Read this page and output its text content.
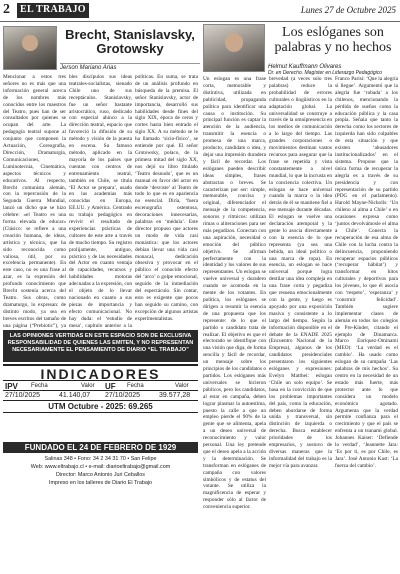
2	EL TRABAJO	Lunes 27 de Octubre 2025
Brecht, Stanislavsky, Grotowsky
Jerson Mariano Arias
Mencionar a estos tres señores no es más que una información general acerca de los nombres más conocidos entre los maestros del Teatro, pues han de ser consultados por quienes se ocupan del arte. La pedagogía teatral supone al conjunto que componen la Actuación, Coreografía, Dirección, Dramaturgia, Comunicaciones, Luminotecnia, Cinemática, aspectos técnicos y educativos. Al respecto, Brecht comunista alemán, con la repercusión de la Segunda Guerra Mundial, lanzó un dicho que se hizo célebre: «el Teatro es una forma elevada de educar» (Clásico: se refiere a una creación humana, de ideas, artística y técnica, que ha sido reconocida como valiosa, útil, por su excelencia permanente). En este caso, no es una frase al azar, es la expresión del profundo conocimiento que Brecht sostenía acerca del Teatro. Sus obras, como dramaturgo, lo expresan: de distinto modo, ya sea en breves escritos del tamaño de una página (“Prebiotic”), ya
bles discípulos sus ideas teatrales-socialistas, sienado Chile uno de sus receptáculos. Stanislavsky, fue un señor bastante aristocrático, ruso, dedicado con especial ahínco a la dirección teatral, espacio que favoreció la difusión de su método y visión de la puesta en escena. Su famoso método, aplicado en la mayoría de los países que cuentan con centros de entrenamiento teatral, también en Chile, se titula ‘El Actor se prepara’, usado en las academias más conocidas en Europa, EE.UU. y América. Centrado su trabajo pedagógico en revivir el resultado de experiencias prácticas de cultores de este arte a través de mucho tiempo. Su registro prolijamente, antiguo, práctico y de las necesidades del Actor en cuanto ventaja de capacidades, recursos y habilidades motoras adecuadas a la expresión, con el objeto de lo llevar nacionado en cuanto a sus piezas de importancia y efecto comunicacional. No hay duda: el ‘estudio de mesa’, capítulo anterior a la
políticas. En suma, se trata de un análisis profundo en búsqueda de la premisa. El señor Stanislavsky, actor de importancia, desarrolló sus habilidades desde fines del siglo XIX, época de ceros y cortes hasta bien entrado el siglo XX. A su método se le ha llamado ‘sicio-físico’, se entiende por qué. El señor Grotowsky, polaco, de la primera mitad del siglo XX, nos dejó su libro titulado ‘Teatro desnudo’, que es un manual en favor del actor en donde ‘desviste’ al Teatro de todo lo que es en apariencia no esencial. Diría, ‘fuera escenografía ostentosa, decoraciones innecesarias, palabras en ‘médula’. Este director propuso que actores un modo de vida casi monástica: que los actores debían llevar una vida casi monacal, dedicación obsesiva y provocar en el público el conocido efecto del ‘arco’ o golpe emocional, seguido de la inmediación del espectáculo. Sin contar, esto es exigente que pocos han seguido su camino, con excepción de algunos artistas experimentalistas.
Los eslóganes son palabras y no hechos
Helmut Kauffmann Olivares
Dr. en Derecho. Magíster en Liderazgo Pedagógico
Un eslogan es una frase corta, memorable y distintiva, utilizada en publicidad, propaganda política para identificar una causa o institución. Su principal función es captar la atención de la audiencia, transmitir la esencia o promesa de una marca, producto, candidato o idea, y dejar una impresión duradera y fácil de recordar. Los eslóganes pueden describir ideas simples, frases abstractas o breves. Se caracterizan por ser: simple, memorable, concisa y original, diferenciador el mensaje de la competencia, sonoros y rítmicos: utilizan rimas o aliteraciones para ser más pegadizos. Conectan con una aspiración, necesidad o emoción del público objetivo. Se afirman perfectamente con la identidad y los valores de sus representantes. Un eslogan se vuelve universal y duradero cuando se acomoda en la mente de los votantes. En política, los eslóganes se dirigen a resumir la esencia de una propuesta que los represente: de lo que el partido o candidato trata de realizar. El objetivo es que el electorado se identifique con una visión que diga, de forma sencilla y fácil de recordar, un mensaje sobre los principios de los candidatos o partidos. Los eslóganes más universales se hicieron públicos, pero los candidatos, al estar en campaña, deben lograr plasmar la autoestima, puesto la calle a que un empleo pierde el 90% de la gente que se alimenta, apela a un deseo universal de reconocimiento y valor personal. Una ley pretende que el deseo apela a la acción y la determinación. Se transforman en eslóganes de campaña con valores simbólicos y de estatus del votante. Se utiliza la magnificencia de esperar y responder sólo al factor de conveniencia superior.
brevedad (a veces solo tres palabras) reduce la probabilidad de errores culturales o lingüísticos en la adaptación global. La universalidad se construye a través de la omnipresencia en los medios de comunicación a lo largo del tiempo. Las grandes corporaciones o movimientos destinan vastos recursos para asegurar que la frase se repetida y vista constantemente a nivel mundial, lo que la incrusta en la conciencia colectiva. Un eslogan se hace universal cuando la marca o la idea detrás de él se mantiene fiel a ese mensaje durante décadas. El eslogan se vuelve una declaración atemporal y la gente lo asocia directamente con la esencia de lo que representa (ya sea una bebida, un ideal político o una marca de ropa). En esencia, un eslogan se hace universal porque logra destilar una idea compleja en una frase corta y pegadiza que resuena emocionalmente con la gente, y luego es apoyado por una exposición masiva y consistente a lo largo del tiempo. Según la información disponible en el debate de la ENADE 2025 (Encuentro Nacional de la Empresa), algunos de los candidatos presidenciales presentaron los siguientes eslóganes y expresiones: Evelyn Matthei: eslogan ‘Chile un solo equipo’. Se basa en la convicción de que los problemas importantes del país, como la educación, deben abordarse de forma unida y transversal, sin distinción de izquierda o derecha. Busca establecer prioridades de los empresarios, y sostuvo de diversas maneras que la informalidad del trabajo es la mejor vía para avanzar.
Franco Parisi: ‘Que la alegría sí llegue’. Argumentó que la alegría fue ‘robada’ a los chilenos, mencionando la pérdida de sueños como la educación pública y la casa propia. Señala que tanto la derecha como los sectores de izquierda han sido culpables de esta situación y que existen ‘abusadores institucionalizados’ en el sistema. Propone que la única forma de recuperar la alegría es a través de su presidencia y con representación de su partido (PDG en el parlamento). Harold Mayne-Nicholls: ‘Un chileno al alma a Chile’ o en ocasiones expresa como ‘juntos devolvámosle el alma a Chile’. Conecta la recuperación de esa alma de Chile con la lucha contra la delincuencia, proponiendo recuperar espacios públicos (‘recuperar hábitat’) y transformar en hitos culturales y deportivos para los jóvenes, lo que él asocia con ‘respeto’, ‘esperanza’ y ‘construir felicidad’. También sugiere implementar clases de alemán en todos los colegios de Pre-Kínder, citando el ejemplo de Dinamarca. Marco Enríquez-Ominami (MEO): ‘La verdad es el cambio’. Ha usado como eslogan de su campaña ‘Las palabras de mis hechos’. Su centro en la necesidad de un estado más fuerte, más protector ante lo que considera un modelo económico agotado. Argumenta que la verdad permite confianza para el crecimiento y que el país se enfrenta a un tsunami global. Johannes Kaiser: ‘Defiende lo verdad’, ‘Jeannette Jara: ‘Es por ti, es por Chile, es Jara’. José Antonio Kast: ‘La fuerza del cambio’.
LAS OPINIONES VERTIDAS EN ESTE ESPACIO SON DE EXCLUSIVA RESPONSABILIDAD DE QUIENES LAS EMITEN, Y NO REPRESENTAN NECESARIAMENTE EL PENSAMIENTO DE DIARIO “EL TRABAJO”
INDICADORES
IPV Fecha	Valor UF Fecha	Valor
27/10/2025	41.140,07 27/10/2025	39.577,28
UTM Octubre - 2025: 69.265
FUNDADO EL 24 DE FEBRERO DE 1929
Salinas 348 • Fono: 34 2 34 31 70 • San Felipe
Web: www.eltrabajo.cl • e-mail: diarioeltrabajo@gmail.com
Director: Marco Antonio Juri Ceballos
Impreso en los talleres de Diario El Trabajo
